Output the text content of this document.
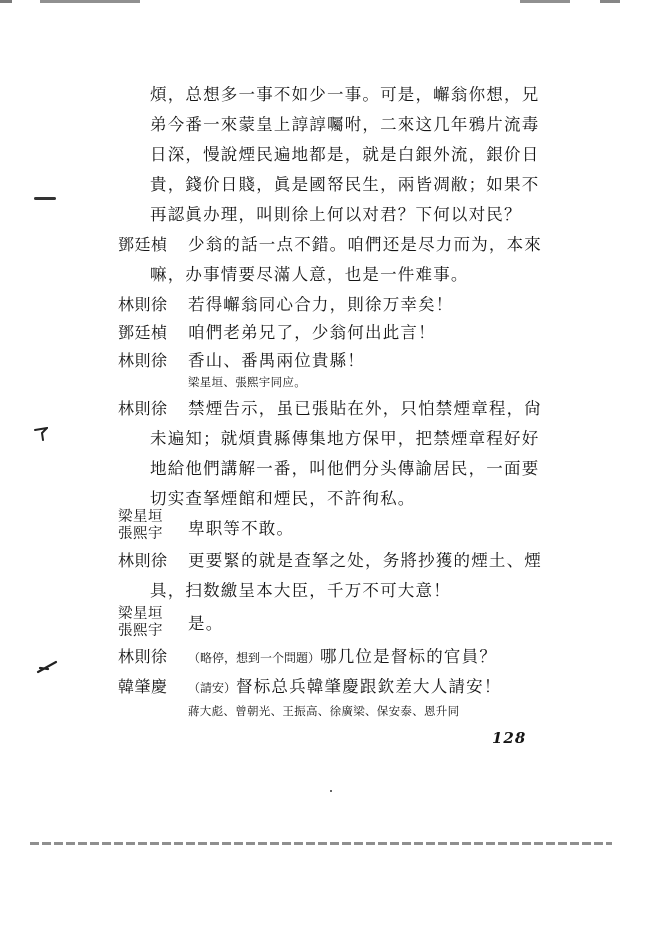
煩，总想多一事不如少一事。可是，嶰翁你想，兄
弟今番一來蒙皇上諄諄囑咐，二來这几年鴉片流毒
日深，慢說煙民遍地都是，就是白銀外流，銀价日
貴，錢价日賤，眞是國帑民生，兩皆凋敝；如果不
再認眞办理，叫則徐上何以对君？下何以对民？
鄧廷楨	少翁的話一点不錯。咱們还是尽力而为，本來
嘛，办事情要尽滿人意，也是一件难事。
林則徐	若得嶰翁同心合力，則徐万幸矣！
鄧廷楨	咱們老弟兄了，少翁何出此言！
林則徐	香山、番禺兩位貴縣！
梁星垣、張熙宇同应。
林則徐	禁煙告示，虽已張貼在外，只怕禁煙章程，尙
未遍知；就煩貴縣傳集地方保甲，把禁煙章程好好
地給他們講解一番，叫他們分头傳諭居民，一面要
切实查拏煙館和煙民，不許徇私。
梁星垣
張熙宇	卑职等不敢。
林則徐	更要緊的就是查拏之处，务將抄獲的煙土、煙
具，扫数繳呈本大臣，千万不可大意！
梁星垣
張熙宇	是。
林則徐	（略停，想到一个問題）哪几位是督标的官員？
韓肇慶	（請安）督标总兵韓肇慶跟欽差大人請安！
蔣大彪、曾朝光、王振高、徐廣梁、保安泰、恩升同
128
